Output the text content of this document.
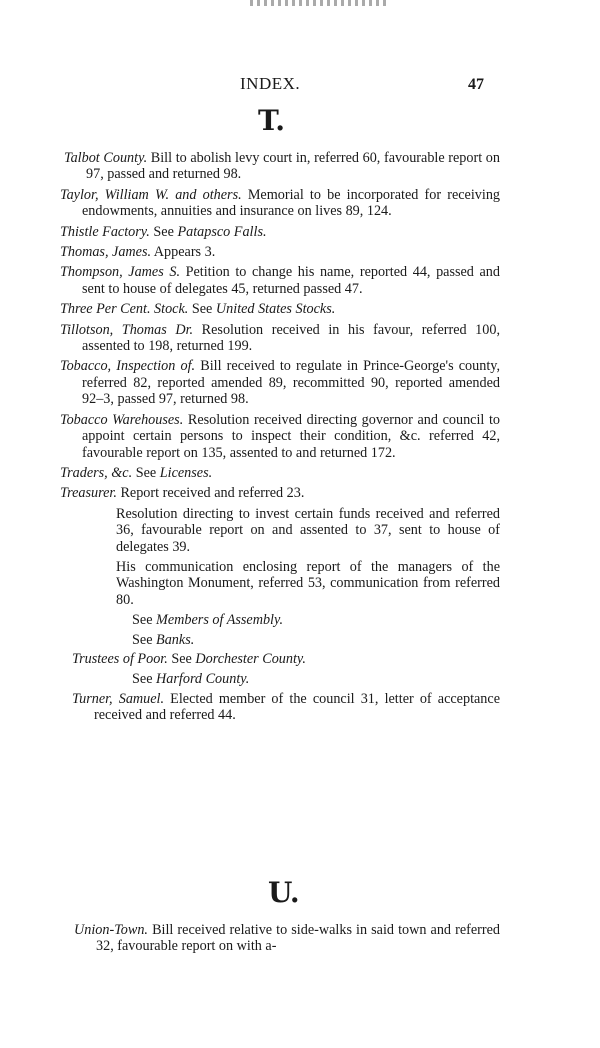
INDEX.	47
T.
Talbot County. Bill to abolish levy court in, referred 60, favourable report on 97, passed and returned 98.
Taylor, William W. and others. Memorial to be incorporated for receiving endowments, annuities and insurance on lives 89, 124.
Thistle Factory. See Patapsco Falls.
Thomas, James. Appears 3.
Thompson, James S. Petition to change his name, reported 44, passed and sent to house of delegates 45, returned passed 47.
Three Per Cent. Stock. See United States Stocks.
Tillotson, Thomas Dr. Resolution received in his favour, referred 100, assented to 198, returned 199.
Tobacco, Inspection of. Bill received to regulate in Prince-George's county, referred 82, reported amended 89, recommitted 90, reported amended 92–3, passed 97, returned 98.
Tobacco Warehouses. Resolution received directing governor and council to appoint certain persons to inspect their condition, &c. referred 42, favourable report on 135, assented to and returned 172.
Traders, &c. See Licenses.
Treasurer. Report received and referred 23.
Resolution directing to invest certain funds received and referred 36, favourable report on and assented to 37, sent to house of delegates 39.
His communication enclosing report of the managers of the Washington Monument, referred 53, communication from referred 80.
See Members of Assembly.
See Banks.
Trustees of Poor. See Dorchester County.
See Harford County.
Turner, Samuel. Elected member of the council 31, letter of acceptance received and referred 44.
U.
Union-Town. Bill received relative to side-walks in said town and referred 32, favourable report on with a-
